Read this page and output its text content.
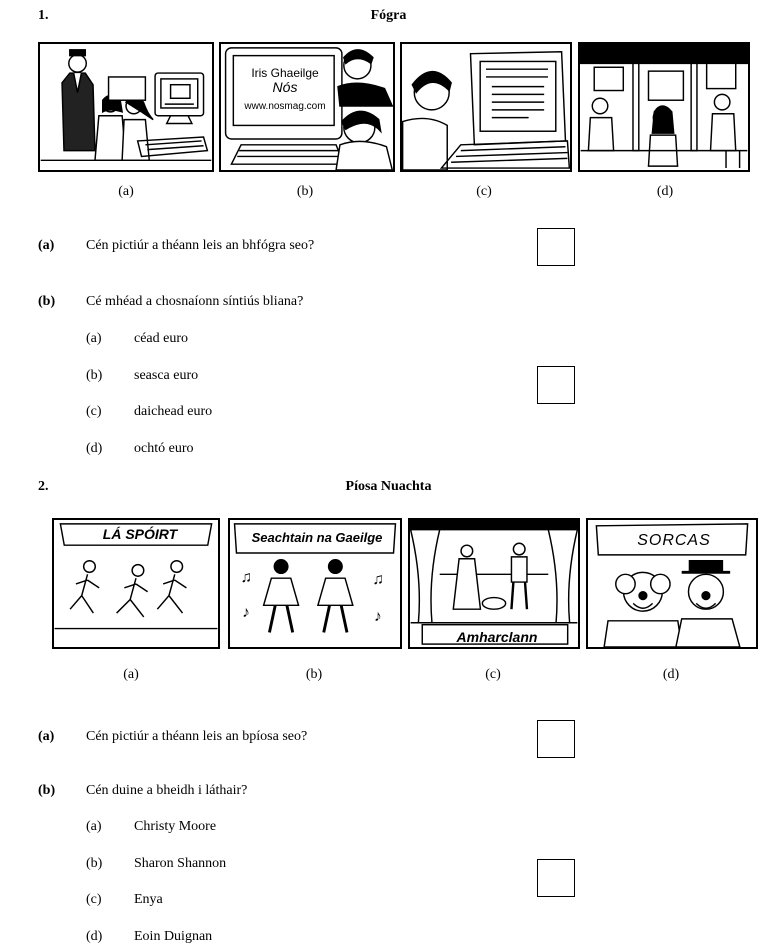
1.	Fógra
Iris Ghaeilge
Nós
www.nosmag.com
(a)	(b)	(c)	(d)
(a) Cén pictiúr a théann leis an bhfógra seo?
(b) Cé mhéad a chosnaíonn síntiús bliana?
(a) céad euro
(b) seasca euro
(c) daichead euro
(d) ochtó euro
2.	Píosa Nuachta
LÁ SPÓIRT
♫	♫
♪	♪
Seachtain na Gaeilge
Amharclann
SORCAS
(a)	(b)	(c)	(d)
(a) Cén pictiúr a théann leis an bpíosa seo?
(b) Cén duine a bheidh i láthair?
(a) Christy Moore
(b) Sharon Shannon
(c) Enya
(d) Eoin Duignan
